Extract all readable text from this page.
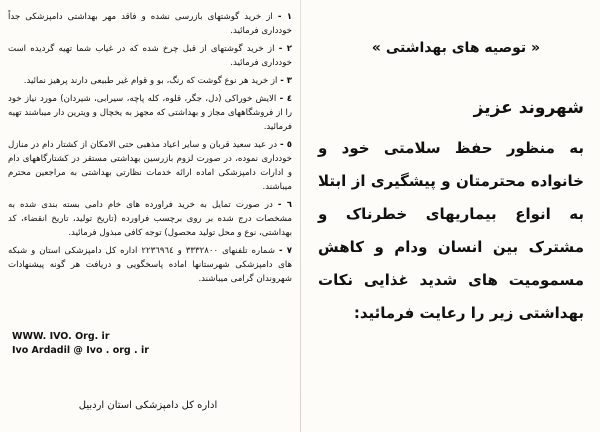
« توصیه های بهداشتی »
شهروند عزیز
به منظور حفظ سلامتی خود و خانواده محترمتان و پیشگیری از ابتلا به انواع بیماریهای خطرناک و مشترک بین انسان ودام و کاهش مسمومیت های شدید غذایی نکات بهداشتی زیر را رعایت فرمائید:
۱ - از خرید گوشتهای بازرسی نشده و فاقد مهر بهداشتی دامپزشکی جداً خودداری فرمائید.
۲ - از خرید گوشتهای از قبل چرخ شده که در غیاب شما تهیه گردیده است خودداری فرمائید.
۳ - از خرید هر نوع گوشت که رنگ، بو و قوام غیر طبیعی دارند پرهیز نمائید.
٤ - الایش خوراکی (دل، جگر، قلوه، کله پاچه، سیرابی، شیردان) مورد نیاز خود را از فروشگاههای مجاز و بهداشتی که مجهز به یخچال و ویترین دار میباشند تهیه فرمائید.
٥ - در عید سعید قربان و سایر اعیاد مذهبی حتی الامکان از کشتار دام در منازل خودداری نموده، در صورت لزوم بازرسین بهداشتی مستقر در کشتارگاههای دام و ادارات دامپزشکی اماده ارائه خدمات نظارتی بهداشتی به مراجعین محترم میباشند.
٦ - در صورت تمایل به خرید فراورده های خام دامی بسته بندی شده به مشخصات درج شده بر روی برچسب فراورده (تاریخ تولید، تاریخ انقضاء، کد بهداشتی، نوع و محل تولید محصول) توجه کافی مبذول فرمائید.
۷ - شماره تلفنهای ٣٣٣٢٨٠٠ و ٢٢٣٦٩٦٤ اداره کل دامپزشکی استان و شبکه های دامپزشکی شهرستانها اماده پاسخگویی و دریافت هر گونه پیشنهادات شهروندان گرامی میباشند.
WWW. IVO. Org. ir
Ivo Ardadil @ Ivo . org . ir
اداره کل دامپزشکی استان اردبیل
